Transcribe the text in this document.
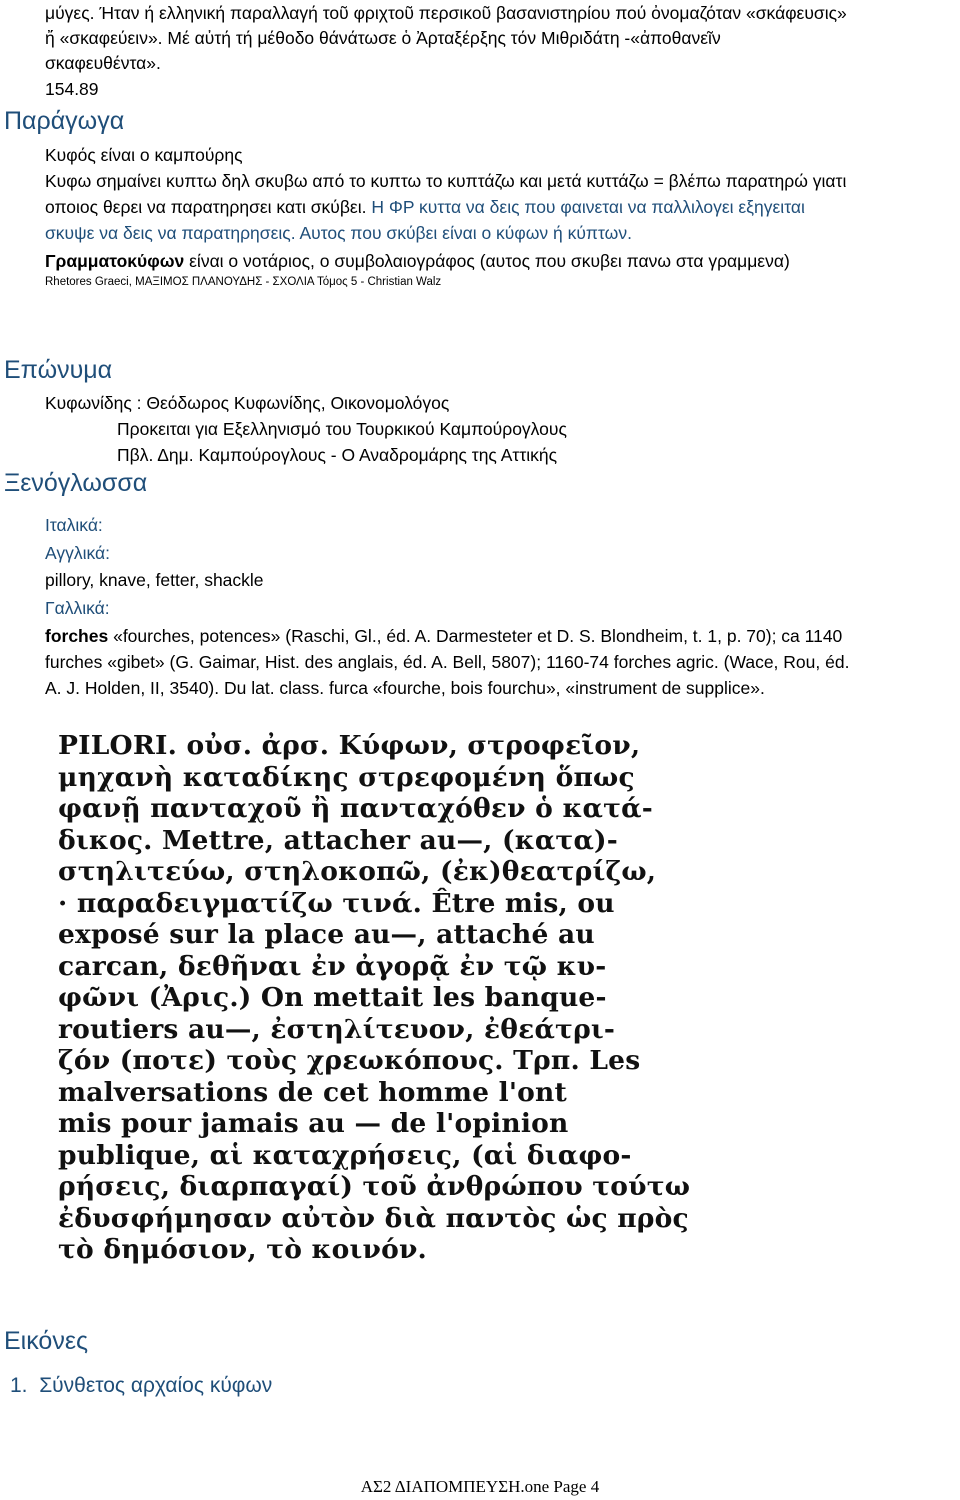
μύγες. Ήταν ή ελληνική παραλλαγή τοῦ φριχτοῦ περσικοῦ βασανιστηρίου πού ὀνομαζόταν «σκάφευσις»
ἤ «σκαφεύειν». Μέ αὐτή τή μέθοδο θάνάτωσε ὁ Ἀρταξέρξης τόν Μιθριδάτη -«ἀποθανεῖν
σκαφευθέντα».
154.89
Παράγωγα
Κυφός είναι ο καμπούρης
Κυφω σημαίνει κυπτω δηλ σκυβω από το κυπτω το κυπτάζω και μετά κυττάζω = βλέπω παρατηρώ γιατι
οποιος θερει να παρατηρησει κατι σκύβει. Η ΦΡ κυττα να δεις που φαινεται να παλλιλογει εξηγειται
σκυψε να δεις να παρατηρησεις. Αυτος που σκύβει είναι ο κύφων ή κύπτων.
Γραμματοκύφων είναι ο νοτάριος, ο συμβολαιογράφος (αυτος που σκυβει πανω στα γραμμενα)
Rhetores Graeci, ΜΑΞΙΜΟΣ ΠΛΑΝΟΥΔΗΣ - ΣΧΟΛΙΑ Τόμος 5 - Christian Walz
Επώνυμα
Κυφωνίδης : Θεόδωρος Κυφωνίδης, Οικονομολόγος
Προκειται για Εξελληνισμό του Τουρκικού Καμπούρογλους
Πβλ. Δημ. Καμπούρογλους - Ο Αναδρομάρης της Αττικής
Ξενόγλωσσα
Ιταλικά:
Αγγλικά:
pillory, knave, fetter, shackle
Γαλλικά:
forches «fourches, potences» (Raschi, Gl., éd. A. Darmesteter et D. S. Blondheim, t. 1, p. 70); ca 1140
furches «gibet» (G. Gaimar, Hist. des anglais, éd. A. Bell, 5807); 1160-74 forches agric. (Wace, Rou, éd.
A. J. Holden, II, 3540). Du lat. class. furca «fourche, bois fourchu», «instrument de supplice».
PILORI. οὐσ. ἀρσ. Κύφων, στροφεῖον,
μηχανὴ καταδίκης στρεφομένη ὅπως
φανῇ πανταχοῦ ἢ πανταχόθεν ὁ κατά-
δικος. Mettre, attacher au—, (κατα)-
στηλιτεύω, στηλοκοπῶ, (ἐκ)θεατρίζω,
· παραδειγματίζω τινά. Être mis, ou
exposé sur la place au—, attaché au
carcan, δεθῆναι ἐν ἀγορᾷ ἐν τῷ κυ-
φῶνι (Ἀρις.) On mettait les banque-
routiers au—, ἐστηλίτευον, ἐθεάτρι-
ζόν (ποτε) τοὺς χρεωκόπους. Τρπ. Les
malversations de cet homme l'ont
mis pour jamais au — de l'opinion
publique, αἱ καταχρήσεις, (αἱ διαφο-
ρήσεις, διαρπαγαί) τοῦ ἀνθρώπου τούτω
ἐδυσφήμησαν αὐτὸν διὰ παντὸς ὡς πρὸς
τὸ δημόσιον, τὸ κοινόν.
Εικόνες
1. Σύνθετος αρχαίος κύφων
ΑΣ2 ΔΙΑΠΟΜΠΕΥΣΗ.one Page 4
